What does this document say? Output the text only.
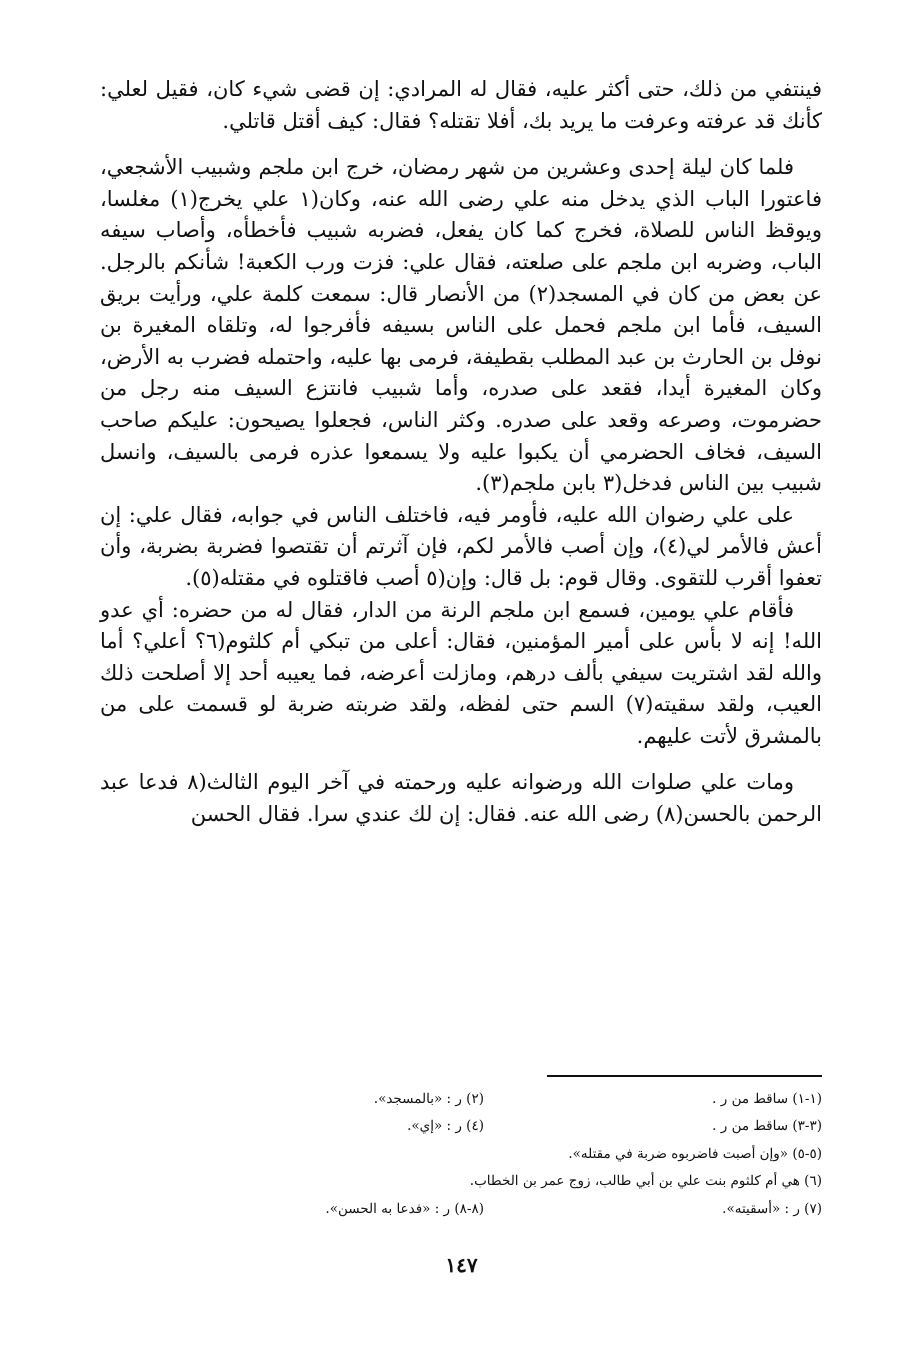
فينتفي من ذلك، حتى أكثر عليه، فقال له المرادي: إن قضى شيء كان، فقيل لعلي: كأنك قد عرفته وعرفت ما يريد بك، أفلا تقتله؟ فقال: كيف أقتل قاتلي.

فلما كان ليلة إحدى وعشرين من شهر رمضان، خرج ابن ملجم وشبيب الأشجعي، فاعتورا الباب الذي يدخل منه علي رضى الله عنه، وكان(١ علي يخرج(١) مغلسا، ويوقظ الناس للصلاة، فخرج كما كان يفعل، فضربه شبيب فأخطأه، وأصاب سيفه الباب، وضربه ابن ملجم على صلعته، فقال علي: فزت ورب الكعبة! شأنكم بالرجل. عن بعض من كان في المسجد(٢) من الأنصار قال: سمعت كلمة علي، ورأيت بريق السيف، فأما ابن ملجم فحمل على الناس بسيفه فأفرجوا له، وتلقاه المغيرة بن نوفل بن الحارث بن عبد المطلب بقطيفة، فرمى بها عليه، واحتمله فضرب به الأرض، وكان المغيرة أيدا، فقعد على صدره، وأما شبيب فانتزع السيف منه رجل من حضرموت، وصرعه وقعد على صدره. وكثر الناس، فجعلوا يصيحون: عليكم صاحب السيف، فخاف الحضرمي أن يكبوا عليه ولا يسمعوا عذره فرمى بالسيف، وانسل شبيب بين الناس فدخل(٣ بابن ملجم(٣).

على علي رضوان الله عليه، فأومر فيه، فاختلف الناس في جوابه، فقال علي: إن أعش فالأمر لي(٤)، وإن أصب فالأمر لكم، فإن آثرتم أن تقتصوا فضربة بضربة، وأن تعفوا أقرب للتقوى. وقال قوم: بل قال: وإن(٥ أصب فاقتلوه في مقتله(٥).

فأقام علي يومين، فسمع ابن ملجم الرنة من الدار، فقال له من حضره: أي عدو الله! إنه لا بأس على أمير المؤمنين، فقال: أعلى من تبكي أم كلثوم(٦؟ أعلي؟ أما والله لقد اشتريت سيفي بألف درهم، ومازلت أعرضه، فما يعيبه أحد إلا أصلحت ذلك العيب، ولقد سقيته(٧) السم حتى لفظه، ولقد ضربته ضربة لو قسمت على من بالمشرق لأتت عليهم.

ومات علي صلوات الله ورضوانه عليه ورحمته في آخر اليوم الثالث(٨ فدعا عبد الرحمن بالحسن(٨) رضى الله عنه. فقال: إن لك عندي سرا. فقال الحسن

(١-١) ساقط من ر .(٢) ر : «بالمسجد».
(٣-٣) ساقط من ر .(٤) ر : «إي».
(٥-٥) «وإن أصبت فاضربوه ضربة في مقتله».
(٦) هي أم كلثوم بنت علي بن أبي طالب، زوج عمر بن الخطاب.
(٧) ر : «أسقيته».(٨-٨) ر : «فدعا به الحسن».
١٤٧
